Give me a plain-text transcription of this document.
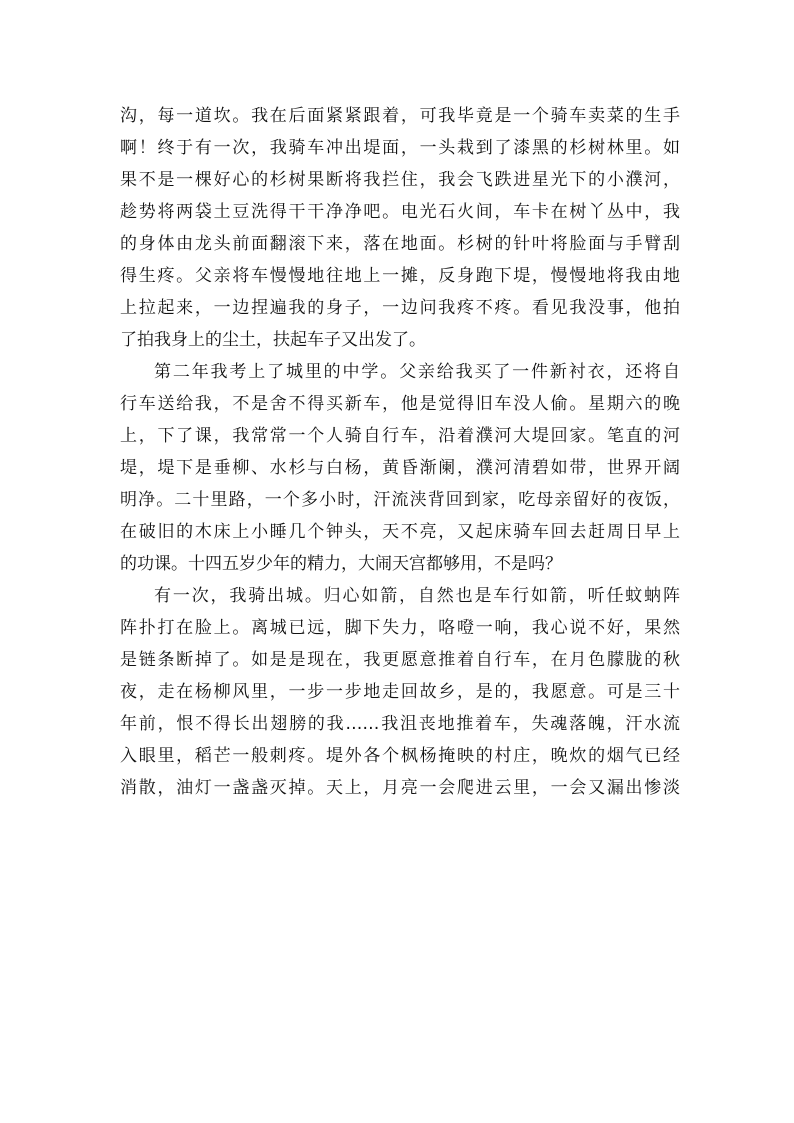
沟，每一道坎。我在后面紧紧跟着，可我毕竟是一个骑车卖菜的生手
啊！终于有一次，我骑车冲出堤面，一头栽到了漆黑的杉树林里。如
果不是一棵好心的杉树果断将我拦住，我会飞跌进星光下的小濮河，
趁势将两袋土豆洗得干干净净吧。电光石火间，车卡在树丫丛中，我
的身体由龙头前面翻滚下来，落在地面。杉树的针叶将脸面与手臂刮
得生疼。父亲将车慢慢地往地上一摊，反身跑下堤，慢慢地将我由地
上拉起来，一边捏遍我的身子，一边问我疼不疼。看见我没事，他拍
了拍我身上的尘土，扶起车子又出发了。
第二年我考上了城里的中学。父亲给我买了一件新衬衣，还将自
行车送给我，不是舍不得买新车，他是觉得旧车没人偷。星期六的晚
上，下了课，我常常一个人骑自行车，沿着濮河大堤回家。笔直的河
堤，堤下是垂柳、水杉与白杨，黄昏渐阑，濮河清碧如带，世界开阔
明净。二十里路，一个多小时，汗流浃背回到家，吃母亲留好的夜饭，
在破旧的木床上小睡几个钟头，天不亮，又起床骑车回去赶周日早上
的功课。十四五岁少年的精力，大闹天宫都够用，不是吗？
有一次，我骑出城。归心如箭，自然也是车行如箭，听任蚊蚋阵
阵扑打在脸上。离城已远，脚下失力，咯噔一响，我心说不好，果然
是链条断掉了。如是是现在，我更愿意推着自行车，在月色朦胧的秋
夜，走在杨柳风里，一步一步地走回故乡，是的，我愿意。可是三十
年前，恨不得长出翅膀的我……我沮丧地推着车，失魂落魄，汗水流
入眼里，稻芒一般刺疼。堤外各个枫杨掩映的村庄，晚炊的烟气已经
消散，油灯一盏盏灭掉。天上，月亮一会爬进云里，一会又漏出惨淡
